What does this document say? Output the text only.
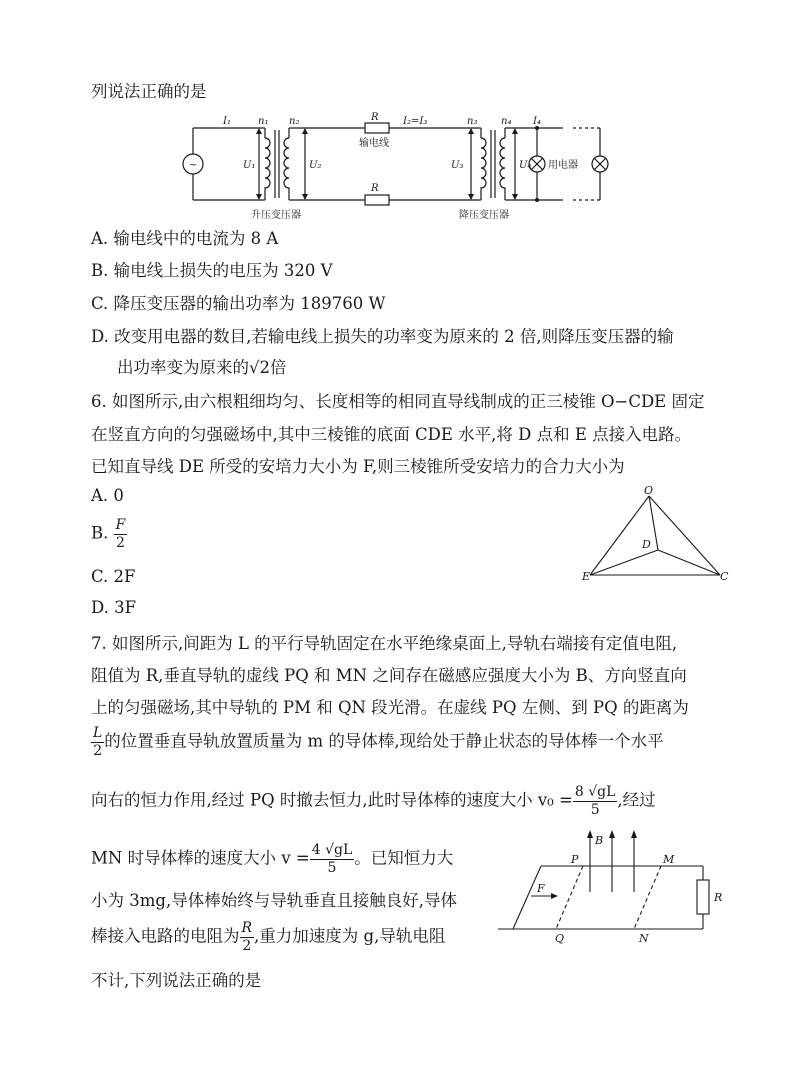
列说法正确的是
~
I₁	n₁ n₂	R I₂=I₃	n₃ n₄ I₄
U₁	U₂	U₃	U₄
R
输电线
用电器
升压变压器	降压变压器
A. 输电线中的电流为 8 A
B. 输电线上损失的电压为 320 V
C. 降压变压器的输出功率为 189760 W
D. 改变用电器的数目,若输电线上损失的功率变为原来的 2 倍,则降压变压器的输
出功率变为原来的√2倍
6. 如图所示,由六根粗细均匀、长度相等的相同直导线制成的正三棱锥 O−CDE 固定
在竖直方向的匀强磁场中,其中三棱锥的底面 CDE 水平,将 D 点和 E 点接入电路。
已知直导线 DE 所受的安培力大小为 F,则三棱锥所受安培力的合力大小为
A. 0
B. $\frac{F}{2}$
C. 2F
D. 3F
O
D
E	C
7. 如图所示,间距为 L 的平行导轨固定在水平绝缘桌面上,导轨右端接有定值电阻,
阻值为 R,垂直导轨的虚线 PQ 和 MN 之间存在磁感应强度大小为 B、方向竖直向
上的匀强磁场,其中导轨的 PM 和 QN 段光滑。在虚线 PQ 左侧、到 PQ 的距离为
$\frac{L}{2}$ 的位置垂直导轨放置质量为 m 的导体棒,现给处于静止状态的导体棒一个水平
向右的恒力作用,经过 PQ 时撤去恒力,此时导体棒的速度大小 $v_0 = \frac{8 √gL}{5}$ ,经过
MN 时导体棒的速度大小 $v = \frac{4 √gL}{5}$ 。已知恒力大
小为 3mg,导体棒始终与导轨垂直且接触良好,导体
棒接入电路的电阻为 $\frac{R}{2}$ ,重力加速度为 g,导轨电阻
不计,下列说法正确的是
B
P	M
F
R
Q	N
